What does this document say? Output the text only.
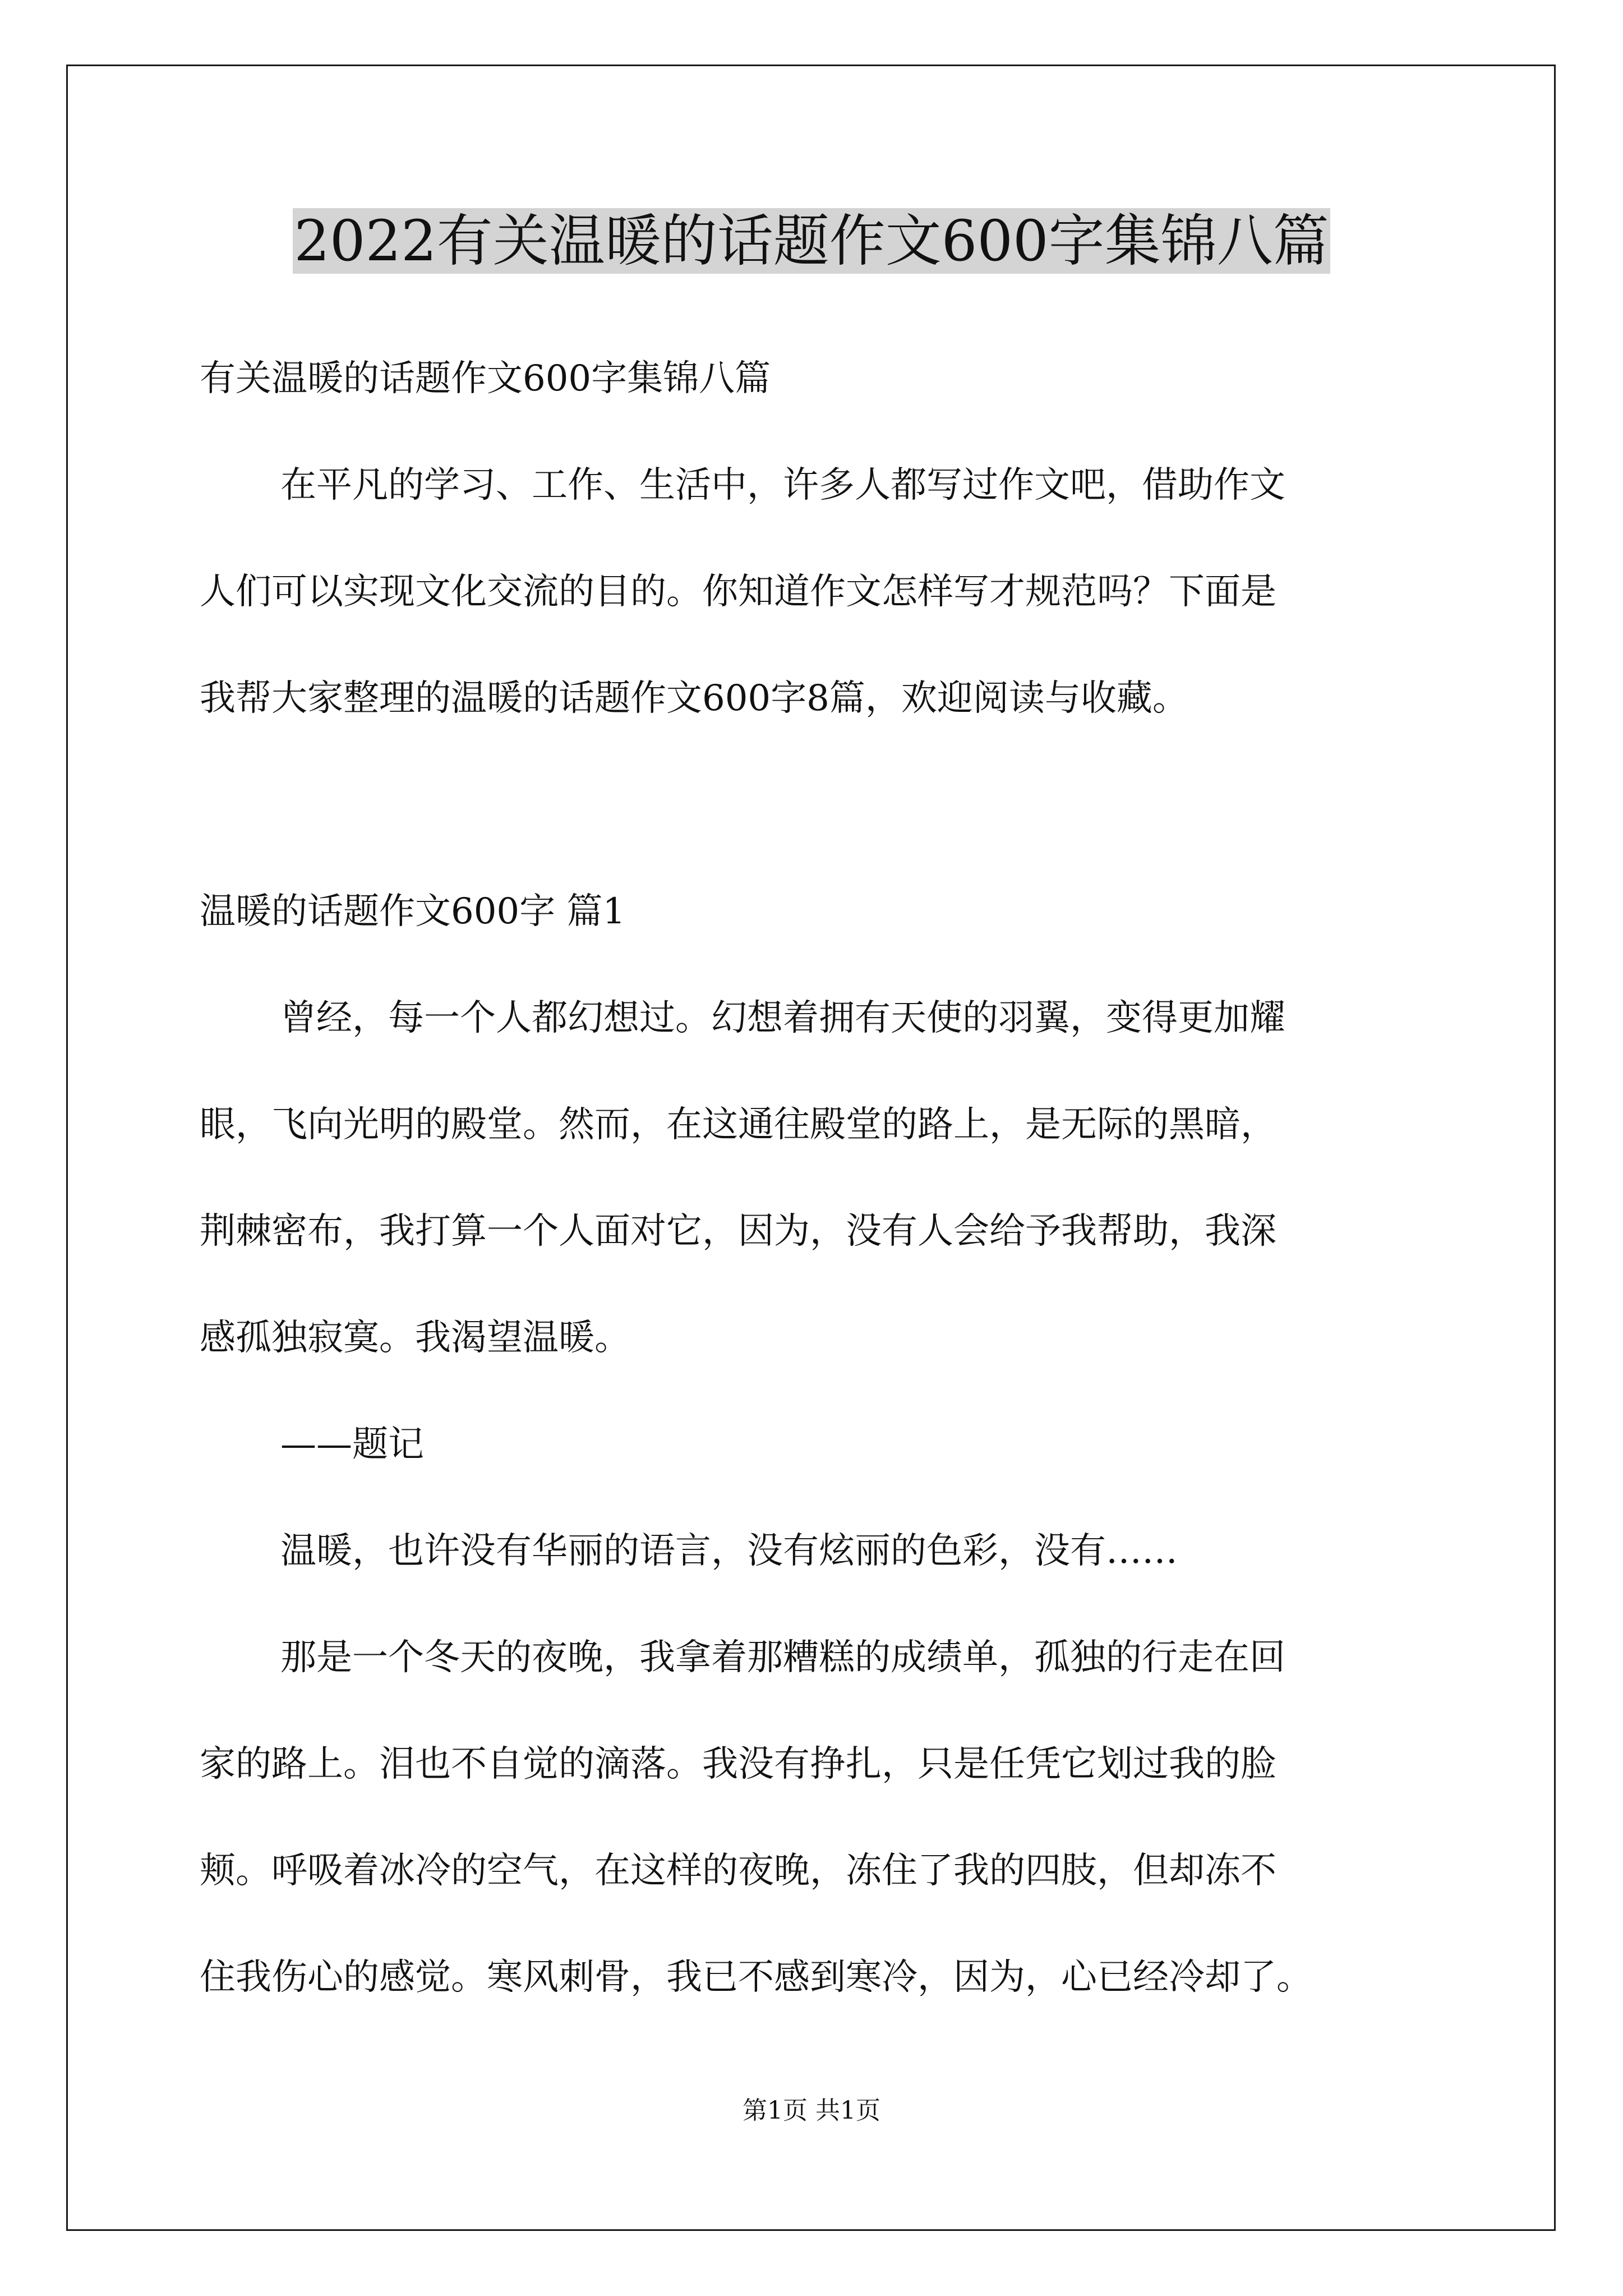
2022有关温暖的话题作文600字集锦八篇
有关温暖的话题作文600字集锦八篇
在平凡的学习、工作、生活中，许多人都写过作文吧，借助作文
人们可以实现文化交流的目的。你知道作文怎样写才规范吗？下面是
我帮大家整理的温暖的话题作文600字8篇，欢迎阅读与收藏。
温暖的话题作文600字 篇1
曾经，每一个人都幻想过。幻想着拥有天使的羽翼，变得更加耀
眼，飞向光明的殿堂。然而，在这通往殿堂的路上，是无际的黑暗，
荆棘密布，我打算一个人面对它，因为，没有人会给予我帮助，我深
感孤独寂寞。我渴望温暖。
——题记
温暖，也许没有华丽的语言，没有炫丽的色彩，没有……
那是一个冬天的夜晚，我拿着那糟糕的成绩单，孤独的行走在回
家的路上。泪也不自觉的滴落。我没有挣扎，只是任凭它划过我的脸
颊。呼吸着冰冷的空气，在这样的夜晚，冻住了我的四肢，但却冻不
住我伤心的感觉。寒风刺骨，我已不感到寒冷，因为，心已经冷却了。
第1页 共1页
